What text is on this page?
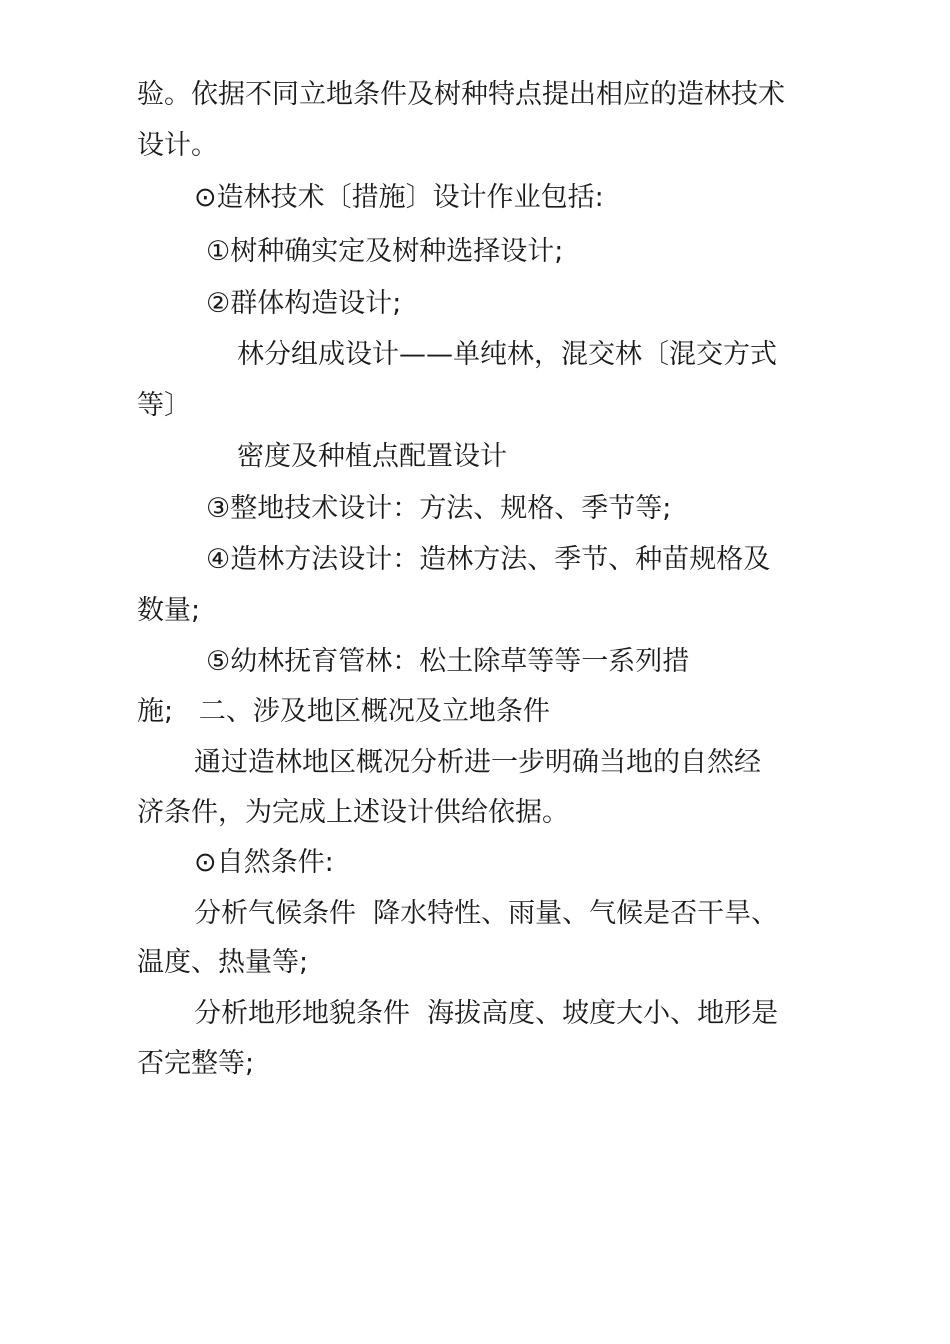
验。依据不同立地条件及树种特点提出相应的造林技术
设计。
⊙造林技术〔措施〕设计作业包括:
①树种确实定及树种选择设计;
②群体构造设计;
林分组成设计——单纯林，混交林〔混交方式
等〕
密度及种植点配置设计
③整地技术设计：方法、规格、季节等;
④造林方法设计：造林方法、季节、种苗规格及
数量;
⑤幼林抚育管林：松土除草等等一系列措
施;   二、涉及地区概况及立地条件
通过造林地区概况分析进一步明确当地的自然经
济条件，为完成上述设计供给依据。
⊙自然条件:
分析气候条件  降水特性、雨量、气候是否干旱、
温度、热量等;
分析地形地貌条件  海拔高度、坡度大小、地形是
否完整等;
